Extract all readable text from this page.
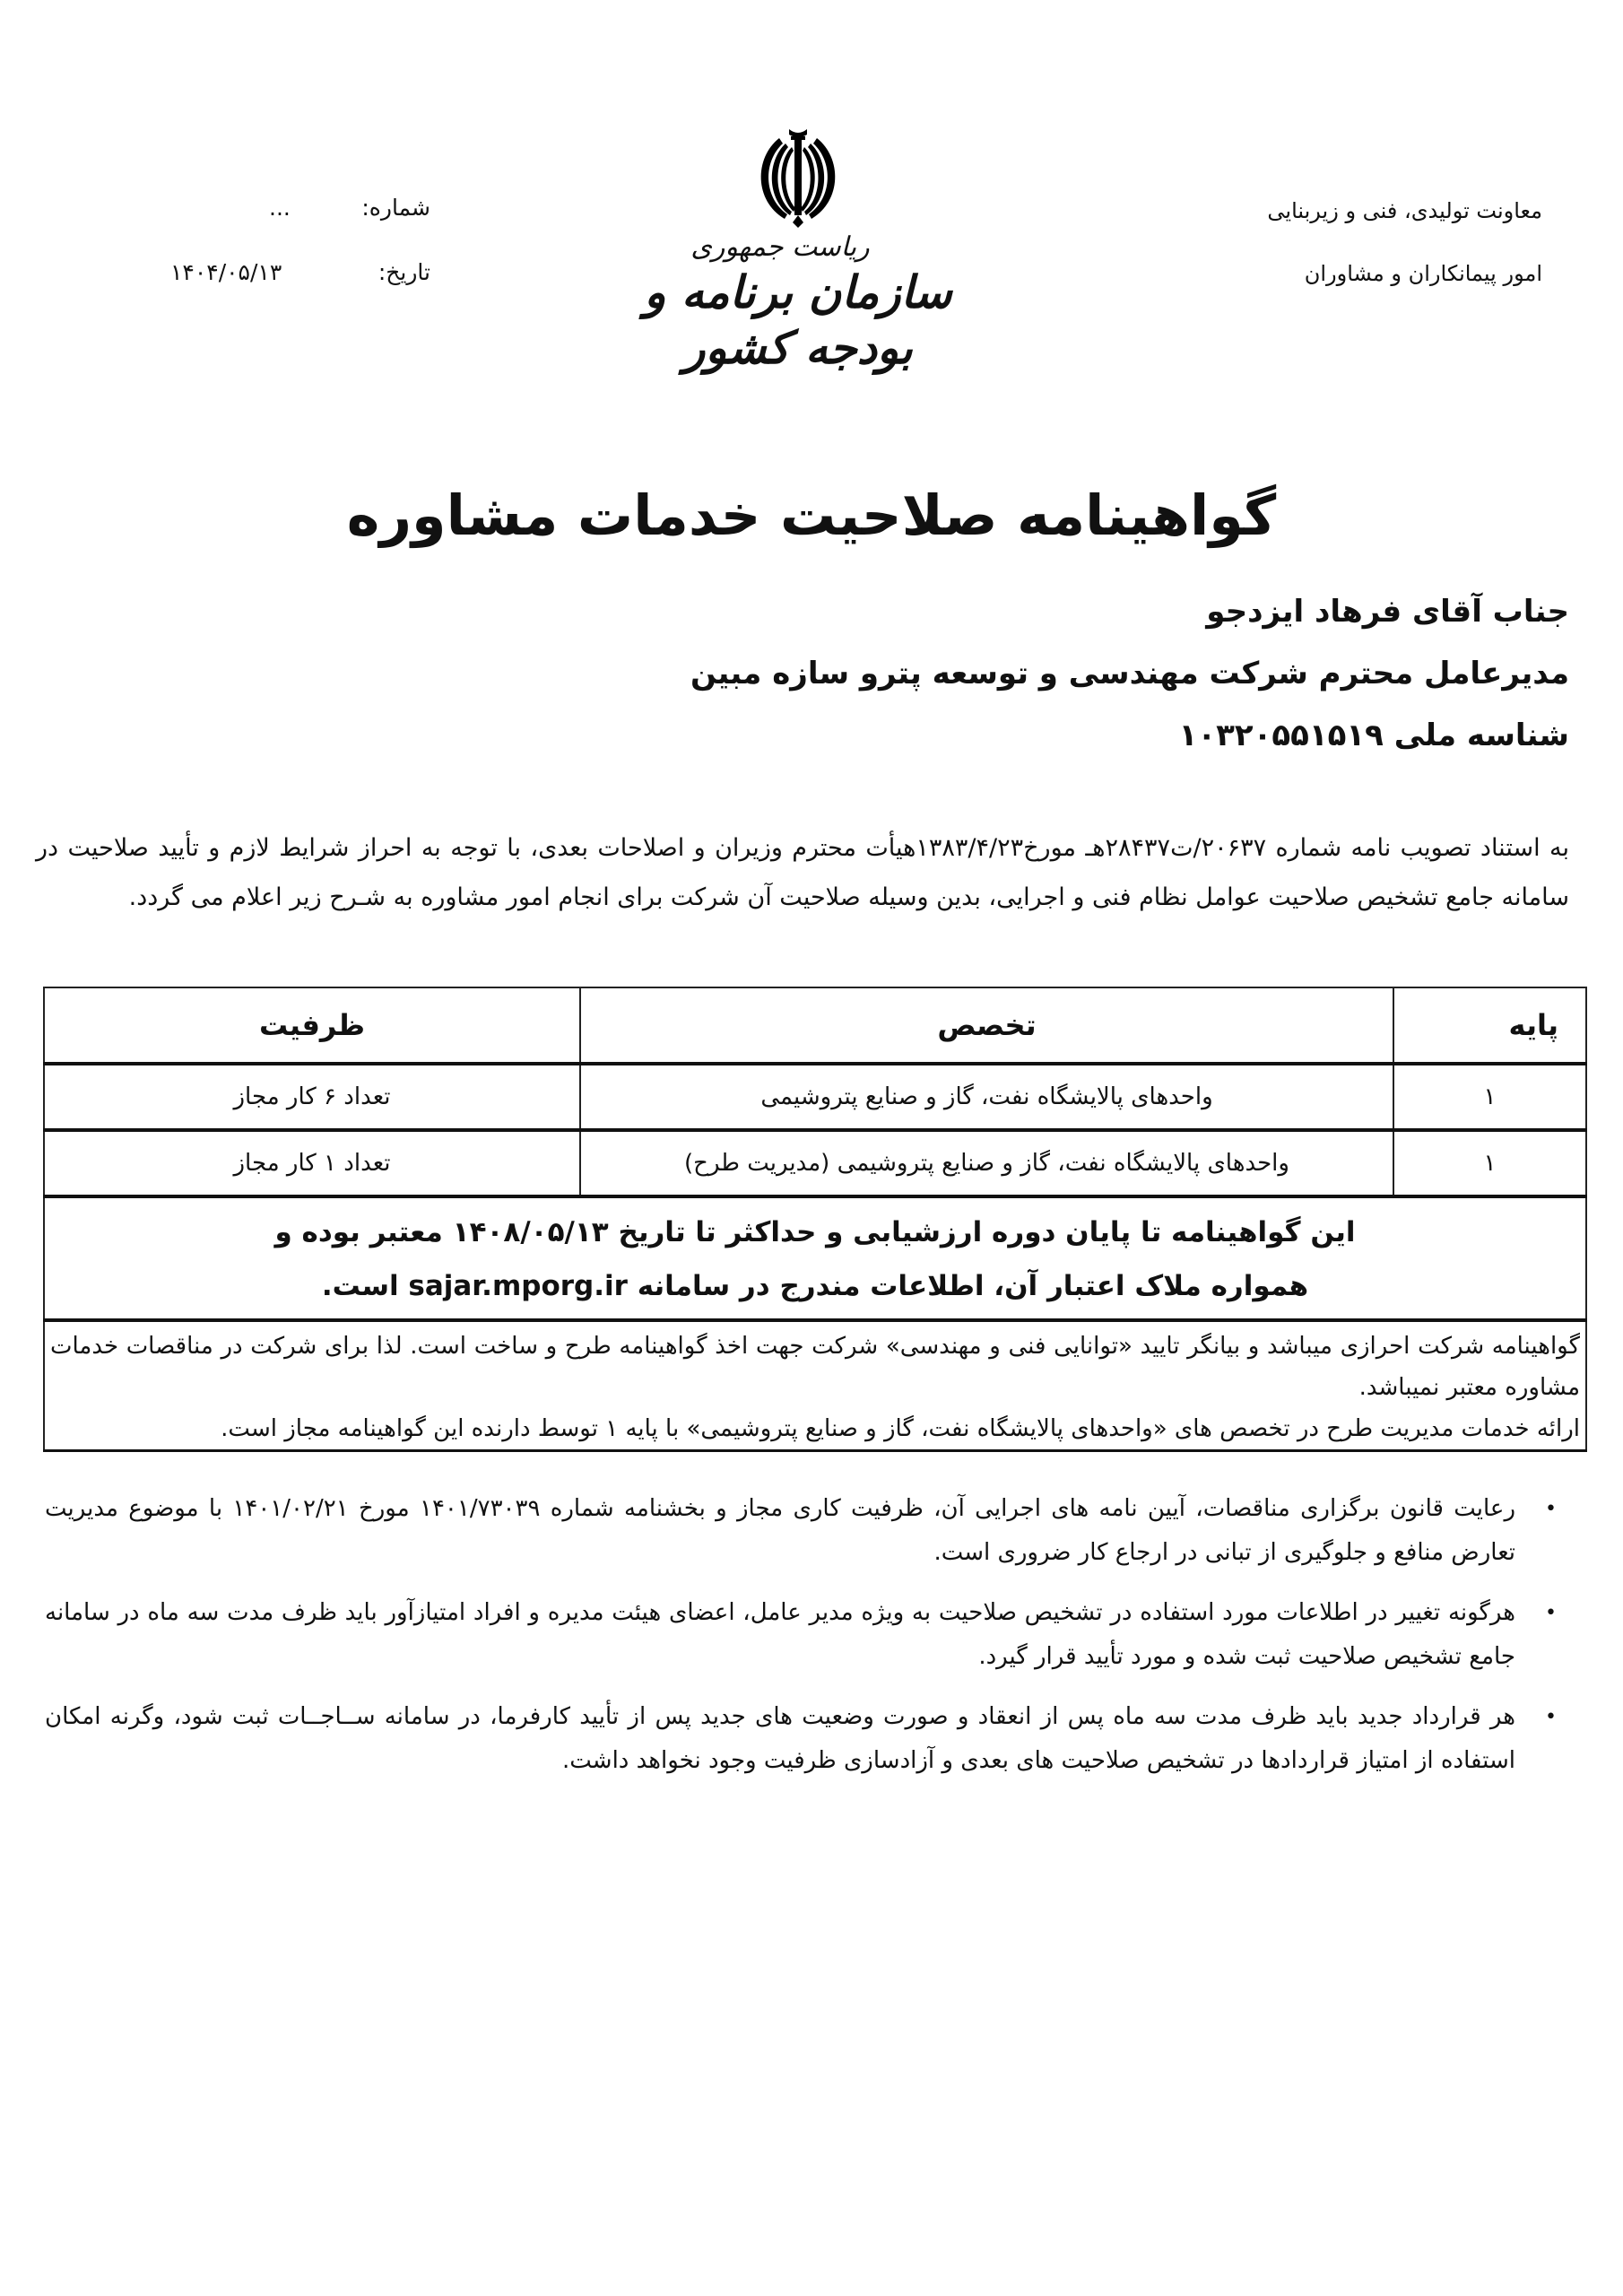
معاونت تولیدی، فنی و زیربنایی
امور پیمانکاران و مشاوران
ریاست جمهوری
سازمان برنامه و بودجه کشور
شماره:
...
تاریخ:
۱۴۰۴/۰۵/۱۳
گواهینامه صلاحیت خدمات مشاوره
جناب آقای فرهاد ایزدجو
مدیرعامل محترم شرکت مهندسی و توسعه پترو سازه مبین
شناسه ملی ۱۰۳۲۰۵۵۱۵۱۹
به استناد تصویب نامه شماره ۲۰۶۳۷/ت۲۸۴۳۷هـ مورخ۱۳۸۳/۴/۲۳هیأت محترم وزیران و اصلاحات بعدی، با توجه به احراز شرایط لازم و تأیید صلاحیت در سامانه جامع تشخیص صلاحیت عوامل نظام فنی و اجرایی، بدین وسیله صلاحیت آن شرکت برای انجام امور مشاوره به شـرح زیر اعلام می گردد.
پایه	تخصص	ظرفیت
۱	واحدهای پالایشگاه نفت، گاز و صنایع پتروشیمی	تعداد ۶ کار مجاز
۱	واحدهای پالایشگاه نفت، گاز و صنایع پتروشیمی (مدیریت طرح)	تعداد ۱ کار مجاز

این گواهینامه تا پایان دوره ارزشیابی و حداکثر تا تاریخ ۱۴۰۸/۰۵/۱۳ معتبر بوده و
همواره ملاک اعتبار آن، اطلاعات مندرج در سامانه sajar.mporg.ir است.		

گواهینامه شرکت احرازی میباشد و بیانگر تایید «توانایی فنی و مهندسی» شرکت جهت اخذ گواهینامه طرح و ساخت است. لذا برای شرکت در مناقصات خدمات مشاوره معتبر نمیباشد.

ارائه خدمات مدیریت طرح در تخصص های «واحدهای پالایشگاه نفت، گاز و صنایع پتروشیمی» با پایه ۱ توسط دارنده این گواهینامه مجاز است.		

•
رعایت قانون برگزاری مناقصات، آیین نامه های اجرایی آن، ظرفیت کاری مجاز و بخشنامه شماره ۱۴۰۱/۷۳۰۳۹ مورخ ۱۴۰۱/۰۲/۲۱ با موضوع مدیریت تعارض منافع و جلوگیری از تبانی در ارجاع کار ضروری است.
•
هرگونه تغییر در اطلاعات مورد استفاده در تشخیص صلاحیت به ویژه مدیر عامل، اعضای هیئت مدیره و افراد امتیازآور باید ظرف مدت سه ماه در سامانه جامع تشخیص صلاحیت ثبت شده و مورد تأیید قرار گیرد.
•
هر قرارداد جدید باید ظرف مدت سه ماه پس از انعقاد و صورت وضعیت های جدید پس از تأیید کارفرما، در سامانه ســاجــات ثبت شود، وگرنه امکان استفاده از امتیاز قراردادها در تشخیص صلاحیت های بعدی و آزادسازی ظرفیت وجود نخواهد داشت.
